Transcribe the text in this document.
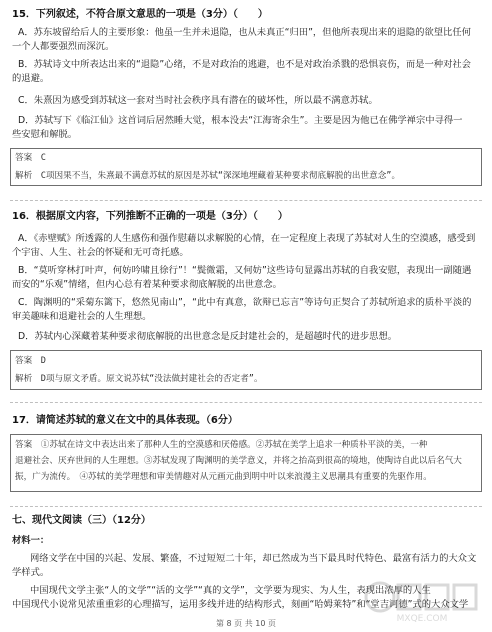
15．下列叙述，不符合原文意思的一项是（3分）（　　）
A．苏东坡留给后人的主要形象：他虽一生并未退隐，也从未真正“归田”，但他所表现出来的退隐的欲望比任何
一个人都要强烈而深沉。
B．苏轼诗文中所表达出来的“退隐”心绪，不是对政治的逃避，也不是对政治杀戮的恐惧哀伤，而是一种对社会
的退避。
C．朱熹因为感受到苏轼这一套对当时社会秩序具有潜在的破坏性，所以最不满意苏轼。
D．苏轼写下《临江仙》这首词后居然睡大觉，根本没去“江海寄余生”。主要是因为他已在佛学禅宗中寻得一
些安慰和解脱。
答案　C
解析　C项因果不当，朱熹最不满意苏轼的原因是苏轼“深深地埋藏着某种要求彻底解脱的出世意念”。
16．根据原文内容，下列推断不正确的一项是（3分）（　　）
A．《赤壁赋》所透露的人生感伤和强作慰藉以求解脱的心情，在一定程度上表现了苏轼对人生的空漠感，感受到
个宇宙、人生、社会的怀疑和无可奇托感。
B．“莫听穿林打叶声，何妨吟啸且徐行”！“鬓微霜，又何妨”这些诗句显露出苏轼的自我安慰，表现出一副随遇
而安的“乐观”情绪，但内心总有着某种要求彻底解脱的出世意念。
C．陶渊明的“采菊东篱下，悠然见南山”，“此中有真意，欲辩已忘言”等诗句正契合了苏轼所追求的质朴平淡的
审美趣味和退避社会的人生理想。
D．苏轼内心深藏着某种要求彻底解脱的出世意念是反封建社会的，是超越时代的进步思想。
答案　D
解析　D项与原文矛盾。原文说苏轼“没法做封建社会的否定者”。
17．请简述苏轼的意义在文中的具体表现。（6分）
答案　①苏轼在诗文中表达出来了那种人生的空漠感和厌倦感。②苏轼在美学上追求一种质朴平淡的美，一种
退避社会、厌弃世间的人生理想。③苏轼发现了陶渊明的美学意义，并将之抬高到很高的境地，使陶诗自此以后名气大
振，广为流传。　④苏轼的美学理想和审美情趣对从元画元曲到明中叶以来浪漫主义思潮具有重要的先驱作用。
七、现代文阅读（三）（12分）
材料一：
网络文学在中国的兴起、发展、繁盛，不过短短二十年，却已然成为当下最具时代特色、最富有活力的大众文
学样式。
中国现代文学主张“人的文学”“活的文学”“真的文学”，文学要为现实、为人生，表现出浓厚的人生
中国现代小说常见浓重重彩的心理描写，运用多线并进的结构形式，刻画“哈姆莱特”和“堂吉诃德”式的大众文学
MXQE.COM
第 8 页 共 10 页
